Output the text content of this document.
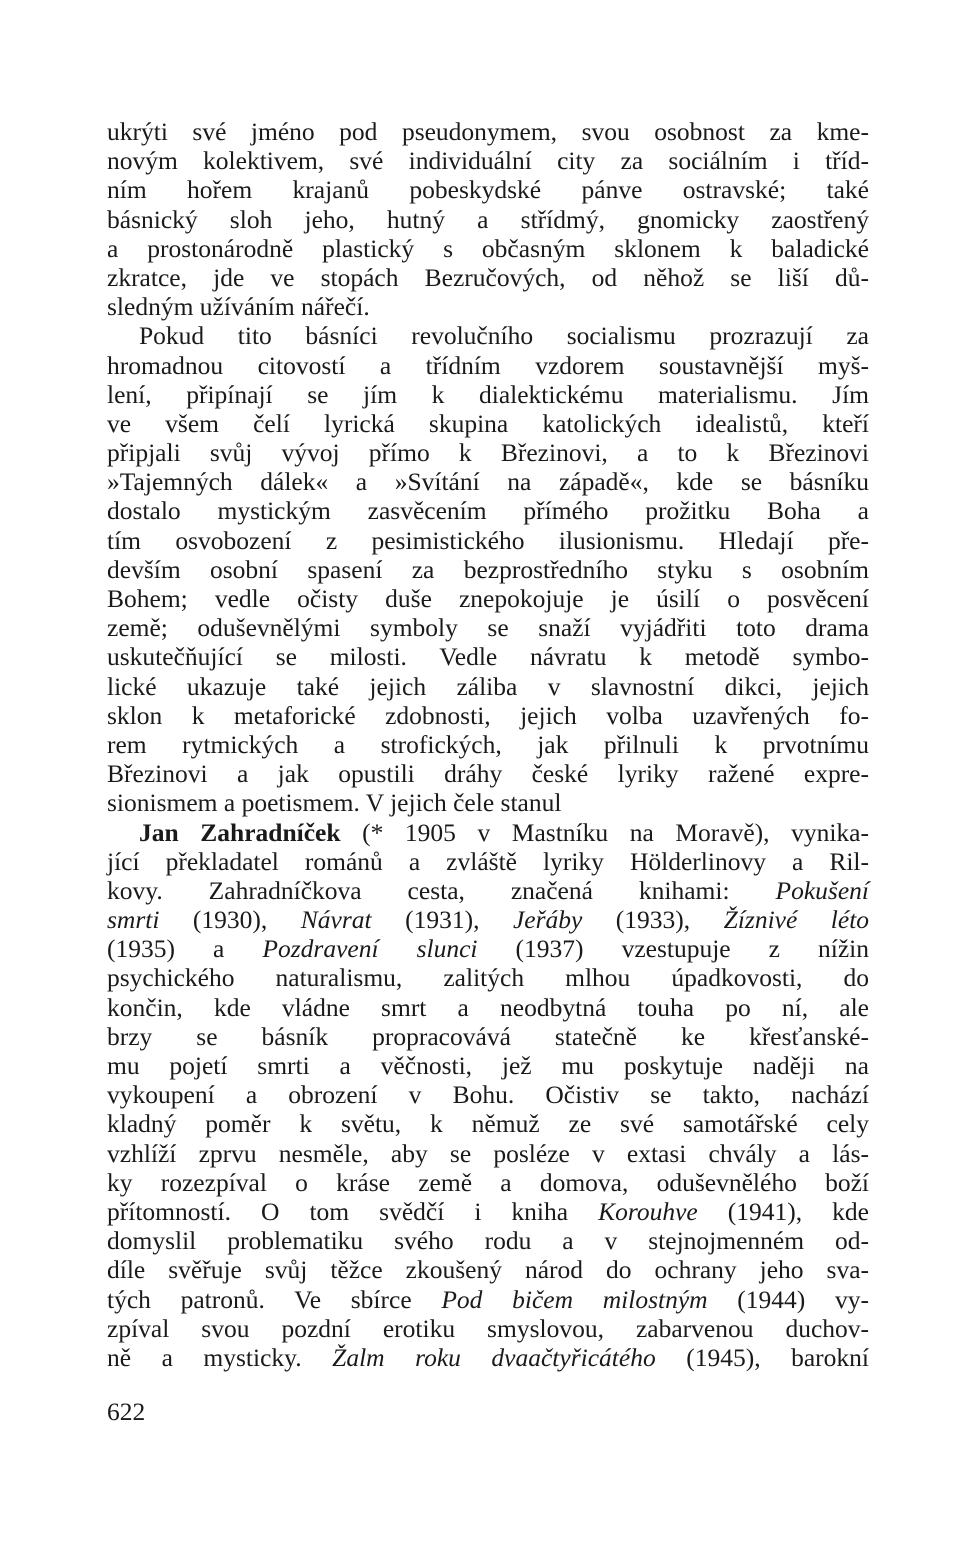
ukrýti své jméno pod pseudonymem, svou osobnost za kme-
novým kolektivem, své individuální city za sociálním i tříd-
ním hořem krajanů pobeskydské pánve ostravské; také
básnický sloh jeho, hutný a střídmý, gnomicky zaostřený
a prostonárodně plastický s občasným sklonem k baladické
zkratce, jde ve stopách Bezručových, od něhož se liší dů-
sledným užíváním nářečí.
Pokud tito básníci revolučního socialismu prozrazují za
hromadnou citovostí a třídním vzdorem soustavnější myš-
lení, připínají se jím k dialektickému materialismu. Jím
ve všem čelí lyrická skupina katolických idealistů, kteří
připjali svůj vývoj přímo k Březinovi, a to k Březinovi
»Tajemných dálek« a »Svítání na západě«, kde se básníku
dostalo mystickým zasvěcením přímého prožitku Boha a
tím osvobození z pesimistického ilusionismu. Hledají pře-
devším osobní spasení za bezprostředního styku s osobním
Bohem; vedle očisty duše znepokojuje je úsilí o posvěcení
země; oduševnělými symboly se snaží vyjádřiti toto drama
uskutečňující se milosti. Vedle návratu k metodě symbo-
lické ukazuje také jejich záliba v slavnostní dikci, jejich
sklon k metaforické zdobnosti, jejich volba uzavřených fo-
rem rytmických a strofických, jak přilnuli k prvotnímu
Březinovi a jak opustili dráhy české lyriky ražené expre-
sionismem a poetismem. V jejich čele stanul
Jan Zahradníček (* 1905 v Mastníku na Moravě), vynika-
jící překladatel románů a zvláště lyriky Hölderlinovy a Ril-
kovy. Zahradníčkova cesta, značená knihami: Pokušení
smrti (1930), Návrat (1931), Jeřáby (1933), Žíznivé léto
(1935) a Pozdravení slunci (1937) vzestupuje z nížin
psychického naturalismu, zalitých mlhou úpadkovosti, do
končin, kde vládne smrt a neodbytná touha po ní, ale
brzy se básník propracovává statečně ke křesťanské-
mu pojetí smrti a věčnosti, jež mu poskytuje naději na
vykoupení a obrození v Bohu. Očistiv se takto, nachází
kladný poměr k světu, k němuž ze své samotářské cely
vzhlíží zprvu nesměle, aby se posléze v extasi chvály a lás-
ky rozezpíval o kráse země a domova, oduševnělého boží
přítomností. O tom svědčí i kniha Korouhve (1941), kde
domyslil problematiku svého rodu a v stejnojmenném od-
díle svěřuje svůj těžce zkoušený národ do ochrany jeho sva-
tých patronů. Ve sbírce Pod bičem milostným (1944) vy-
zpíval svou pozdní erotiku smyslovou, zabarvenou duchov-
ně a mysticky. Žalm roku dvaačtyřicátého (1945), barokní
622
